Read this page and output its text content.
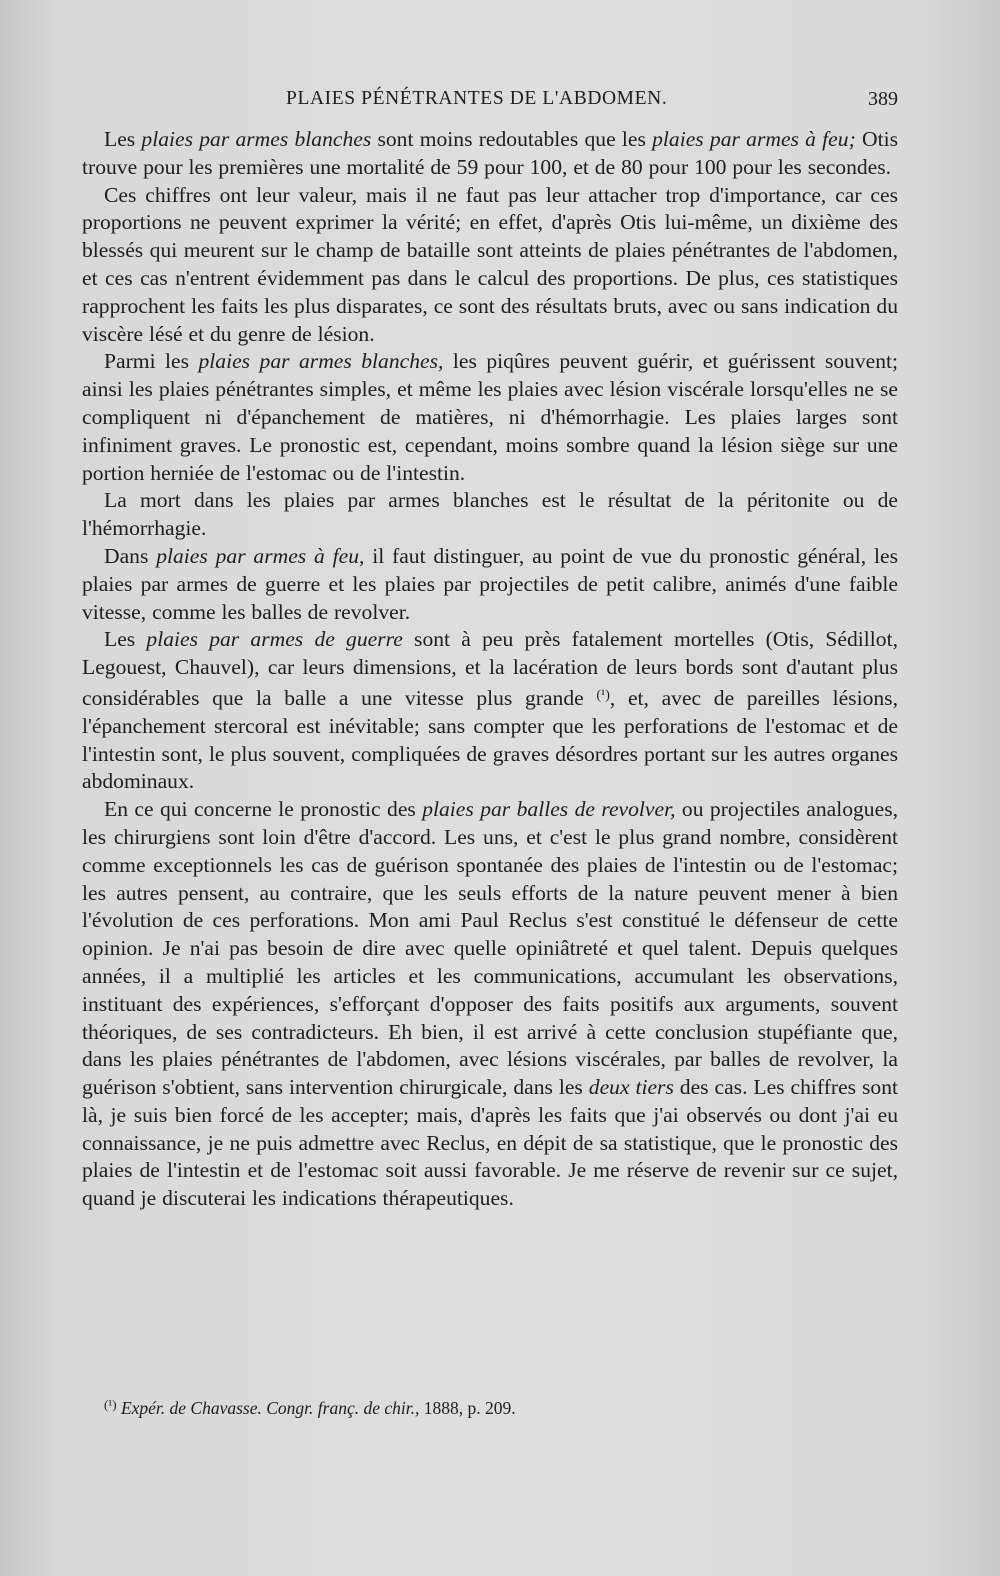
PLAIES PÉNÉTRANTES DE L'ABDOMEN.	389

Les plaies par armes blanches sont moins redoutables que les plaies par armes à feu; Otis trouve pour les premières une mortalité de 59 pour 100, et de 80 pour 100 pour les secondes.

Ces chiffres ont leur valeur, mais il ne faut pas leur attacher trop d'importance, car ces proportions ne peuvent exprimer la vérité; en effet, d'après Otis lui-même, un dixième des blessés qui meurent sur le champ de bataille sont atteints de plaies pénétrantes de l'abdomen, et ces cas n'entrent évidemment pas dans le calcul des proportions. De plus, ces statistiques rapprochent les faits les plus disparates, ce sont des résultats bruts, avec ou sans indication du viscère lésé et du genre de lésion.

Parmi les plaies par armes blanches, les piqûres peuvent guérir, et guérissent souvent; ainsi les plaies pénétrantes simples, et même les plaies avec lésion viscérale lorsqu'elles ne se compliquent ni d'épanchement de matières, ni d'hémorrhagie. Les plaies larges sont infiniment graves. Le pronostic est, cependant, moins sombre quand la lésion siège sur une portion herniée de l'estomac ou de l'intestin.

La mort dans les plaies par armes blanches est le résultat de la péritonite ou de l'hémorrhagie.

Dans plaies par armes à feu, il faut distinguer, au point de vue du pronostic général, les plaies par armes de guerre et les plaies par projectiles de petit calibre, animés d'une faible vitesse, comme les balles de revolver.

Les plaies par armes de guerre sont à peu près fatalement mortelles (Otis, Sédillot, Legouest, Chauvel), car leurs dimensions, et la lacération de leurs bords sont d'autant plus considérables que la balle a une vitesse plus grande $^{(^1)}$, et, avec de pareilles lésions, l'épanchement stercoral est inévitable; sans compter que les perforations de l'estomac et de l'intestin sont, le plus souvent, compliquées de graves désordres portant sur les autres organes abdominaux.

En ce qui concerne le pronostic des plaies par balles de revolver, ou projectiles analogues, les chirurgiens sont loin d'être d'accord. Les uns, et c'est le plus grand nombre, considèrent comme exceptionnels les cas de guérison spontanée des plaies de l'intestin ou de l'estomac; les autres pensent, au contraire, que les seuls efforts de la nature peuvent mener à bien l'évolution de ces perforations. Mon ami Paul Reclus s'est constitué le défenseur de cette opinion. Je n'ai pas besoin de dire avec quelle opiniâtreté et quel talent. Depuis quelques années, il a multiplié les articles et les communications, accumulant les observations, instituant des expériences, s'efforçant d'opposer des faits positifs aux arguments, souvent théoriques, de ses contradicteurs. Eh bien, il est arrivé à cette conclusion stupéfiante que, dans les plaies pénétrantes de l'abdomen, avec lésions viscérales, par balles de revolver, la guérison s'obtient, sans intervention chirurgicale, dans les deux tiers des cas. Les chiffres sont là, je suis bien forcé de les accepter; mais, d'après les faits que j'ai observés ou dont j'ai eu connaissance, je ne puis admettre avec Reclus, en dépit de sa statistique, que le pronostic des plaies de l'intestin et de l'estomac soit aussi favorable. Je me réserve de revenir sur ce sujet, quand je discuterai les indications thérapeutiques.

$^{(^1)}$ Expér. de Chavasse. Congr. franç. de chir., 1888, p. 209.
